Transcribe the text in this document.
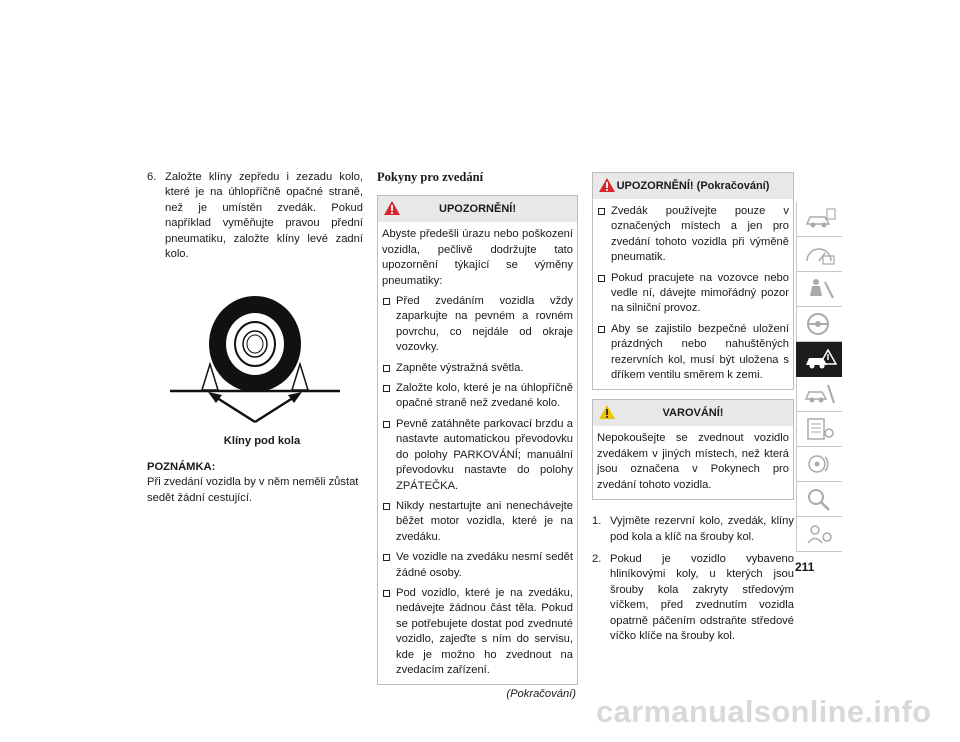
6. Založte klíny zepředu i zezadu kolo, které je na úhlopříčně opačné straně, než je umístěn zvedák. Pokud například vyměňujte pravou přední pneumatiku, založte klíny levé zadní kolo.
Klíny pod kola
POZNÁMKA:
Při zvedání vozidla by v něm neměli zůstat sedět žádní cestující.
Pokyny pro zvedání
UPOZORNĚNÍ!
Abyste předešli úrazu nebo poškození vozidla, pečlivě dodržujte tato upozornění týkající se výměny pneumatiky:
Před zvedáním vozidla vždy zaparkujte na pevném a rovném povrchu, co nejdále od okraje vozovky.
Zapněte výstražná světla.
Založte kolo, které je na úhlopříčně opačné straně než zvedané kolo.
Pevně zatáhněte parkovací brzdu a nastavte automatickou převodovku do polohy PARKOVÁNÍ; manuální převodovku nastavte do polohy ZPÁTEČKA.
Nikdy nestartujte ani nenechávejte běžet motor vozidla, které je na zvedáku.
Ve vozidle na zvedáku nesmí sedět žádné osoby.
Pod vozidlo, které je na zvedáku, nedávejte žádnou část těla. Pokud se potřebujete dostat pod zvednuté vozidlo, zajeďte s ním do servisu, kde je možno ho zvednout na zvedacím zařízení.
(Pokračování)
UPOZORNĚNÍ! (Pokračování)
Zvedák používejte pouze v označených místech a jen pro zvedání tohoto vozidla při výměně pneumatik.
Pokud pracujete na vozovce nebo vedle ní, dávejte mimořádný pozor na silniční provoz.
Aby se zajistilo bezpečné uložení prázdných nebo nahuštěných rezervních kol, musí být uložena s dříkem ventilu směrem k zemi.
VAROVÁNÍ!
Nepokoušejte se zvednout vozidlo zvedákem v jiných místech, než která jsou označena v Pokynech pro zvedání tohoto vozidla.
1. Vyjměte rezervní kolo, zvedák, klíny pod kola a klíč na šrouby kol.
2. Pokud je vozidlo vybaveno hliníkovými koly, u kterých jsou šrouby kola zakryty středovým víčkem, před zvednutím vozidla opatrně páčením odstraňte středové víčko klíče na šrouby kol.
211
carmanualsonline.info
